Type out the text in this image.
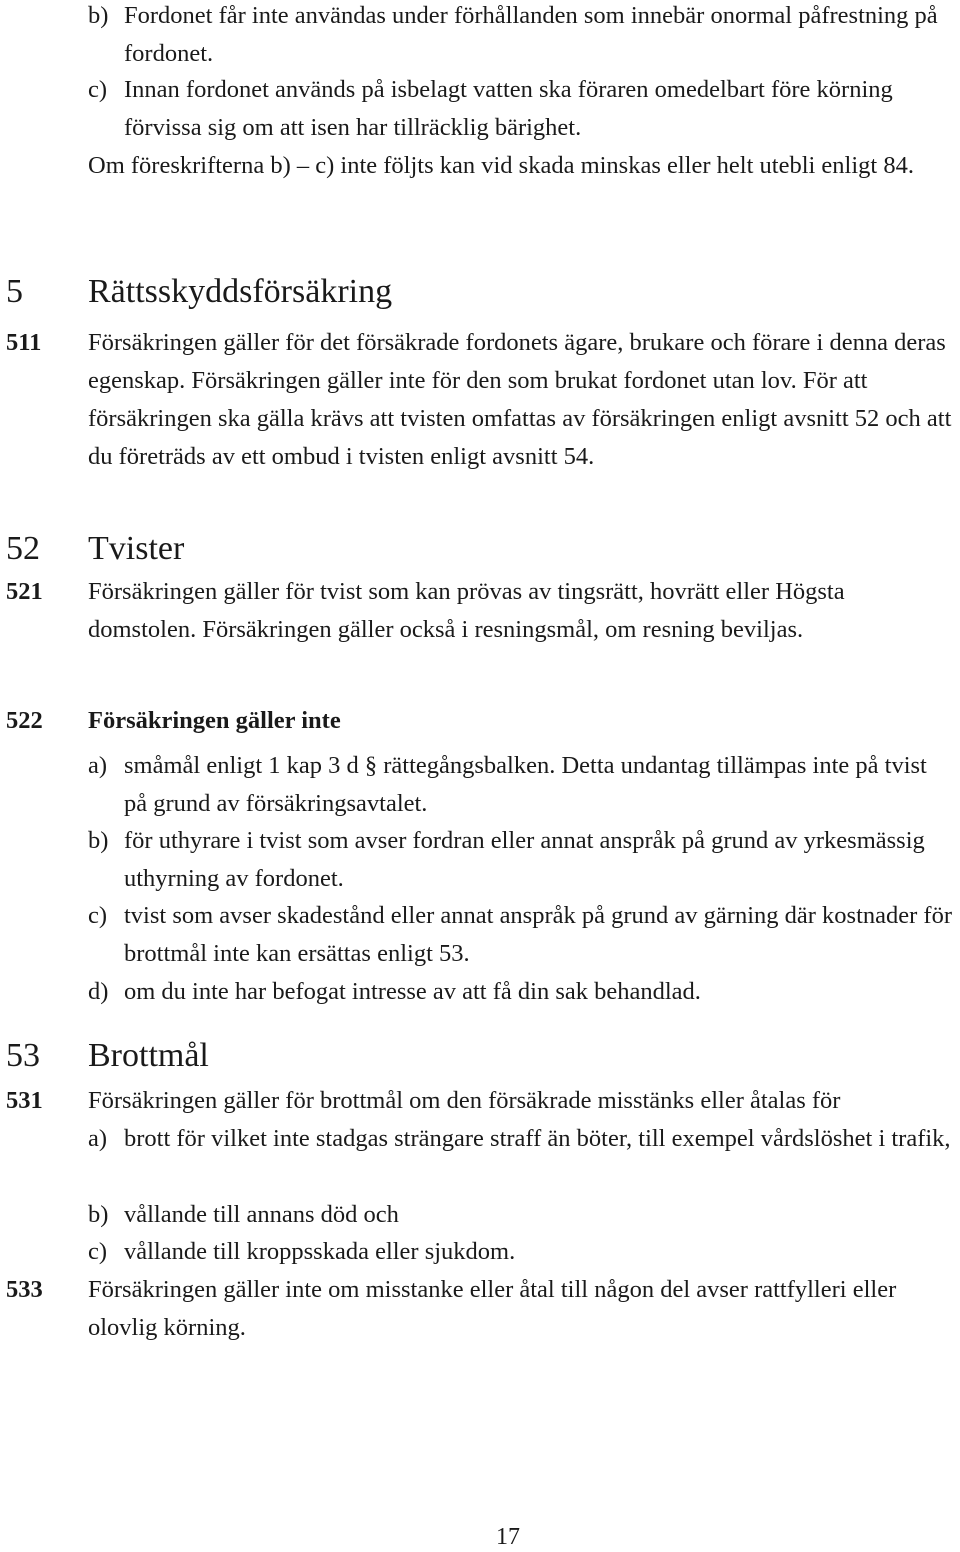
b) Fordonet får inte användas under förhållanden som innebär onormal påfrestning på fordonet.
c) Innan fordonet används på isbelagt vatten ska föraren omedelbart före körning förvissa sig om att isen har tillräcklig bärighet.
Om föreskrifterna b) – c) inte följts kan vid skada minskas eller helt utebli enligt 84.
5 Rättsskyddsförsäkring
511 Försäkringen gäller för det försäkrade fordonets ägare, brukare och förare i denna deras egenskap. Försäkringen gäller inte för den som brukat fordonet utan lov. För att försäkringen ska gälla krävs att tvisten omfattas av försäkringen enligt avsnitt 52 och att du företräds av ett ombud i tvisten enligt avsnitt 54.
52 Tvister
521 Försäkringen gäller för tvist som kan prövas av tingsrätt, hovrätt eller Högsta domstolen. Försäkringen gäller också i resningsmål, om resning beviljas.
522 Försäkringen gäller inte
a) småmål enligt 1 kap 3 d § rättegångsbalken. Detta undantag tillämpas inte på tvist på grund av försäkringsavtalet.
b) för uthyrare i tvist som avser fordran eller annat anspråk på grund av yrkesmässig uthyrning av fordonet.
c) tvist som avser skadestånd eller annat anspråk på grund av gärning där kostnader för brottmål inte kan ersättas enligt 53.
d) om du inte har befogat intresse av att få din sak behandlad.
53 Brottmål
531 Försäkringen gäller för brottmål om den försäkrade misstänks eller åtalas för
a) brott för vilket inte stadgas strängare straff än böter, till exempel vårdslöshet i trafik,
b) vållande till annans död och
c) vållande till kroppsskada eller sjukdom.
533 Försäkringen gäller inte om misstanke eller åtal till någon del avser rattfylleri eller olovlig körning.
17
